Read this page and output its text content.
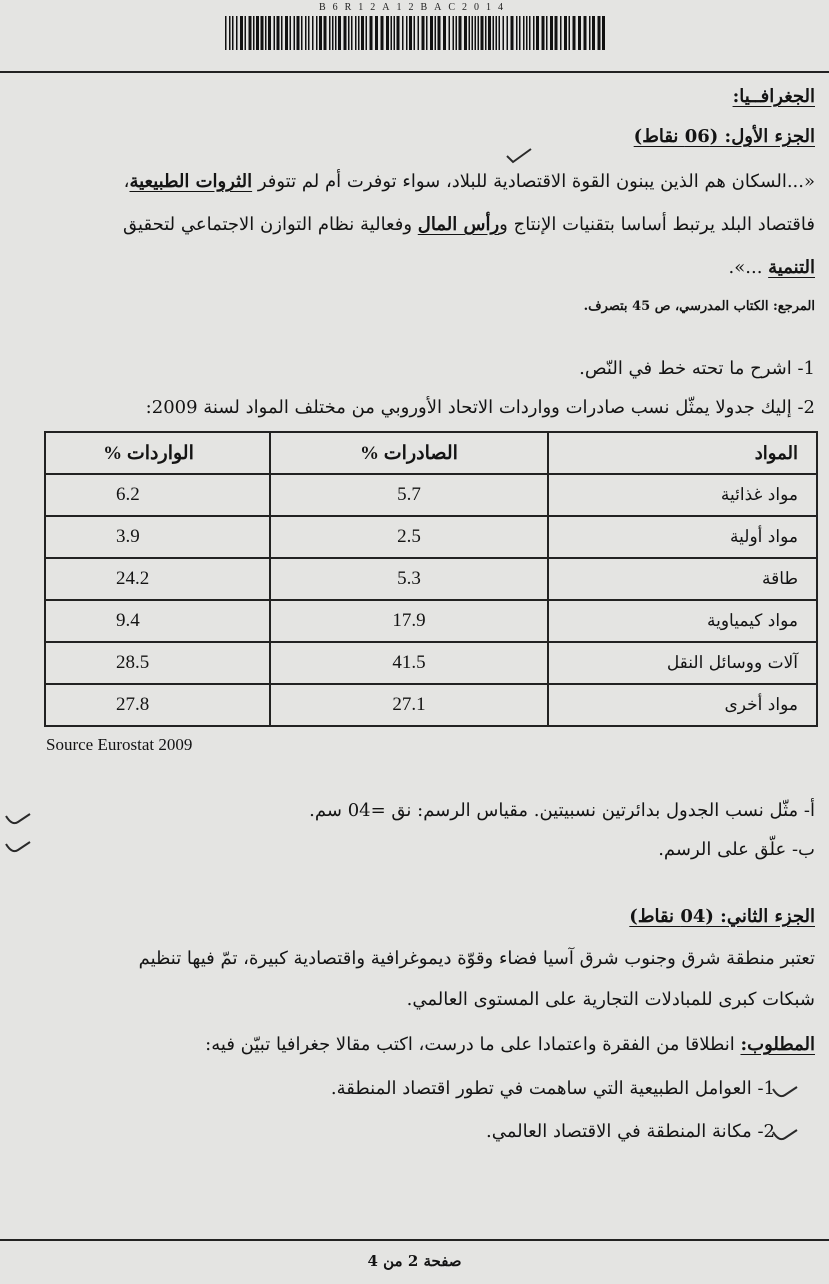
B6R12A12BAC2014
الجغرافــيا:
الجزء الأول: (06 نقاط)
«...السكان هم الذين يبنون القوة الاقتصادية للبلاد، سواء توفرت أم لم تتوفر الثروات الطبيعية،
فاقتصاد البلد يرتبط أساسا بتقنيات الإنتاج ورأس المال وفعالية نظام التوازن الاجتماعي لتحقيق
التنمية ...».
المرجع: الكتاب المدرسي، ص 45 بتصرف.
1- اشرح ما تحته خط في النّص.
2- إليك جدولا يمثّل نسب صادرات وواردات الاتحاد الأوروبي من مختلف المواد لسنة 2009:
المواد	الصادرات %	الواردات %
مواد غذائية	5.7	6.2
مواد أولية	2.5	3.9
طاقة	5.3	24.2
مواد كيمياوية	17.9	9.4
آلات ووسائل النقل	41.5	28.5
مواد أخرى	27.1	27.8
Source Eurostat 2009
أ- مثّل نسب الجدول بدائرتين نسبيتين. مقياس الرسم: نق =04 سم.
ب- علّق على الرسم.
الجزء الثاني: (04 نقاط)
تعتبر منطقة شرق وجنوب شرق آسيا فضاء وقوّة ديموغرافية واقتصادية كبيرة، تمّ فيها تنظيم
شبكات كبرى للمبادلات التجارية على المستوى العالمي.
المطلوب: انطلاقا من الفقرة واعتمادا على ما درست، اكتب مقالا جغرافيا تبيّن فيه:
1- العوامل الطبيعية التي ساهمت في تطور اقتصاد المنطقة.
2- مكانة المنطقة في الاقتصاد العالمي.
صفحة 2 من 4
